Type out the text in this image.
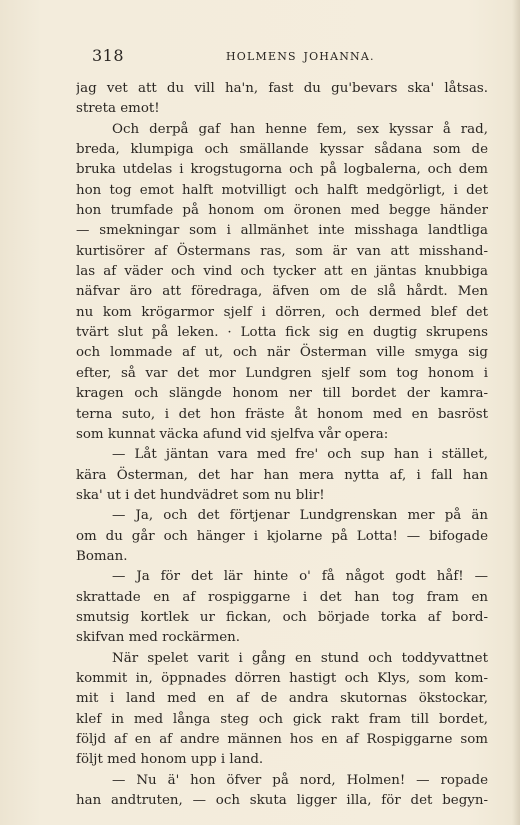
318	HOLMENS JOHANNA.
jag vet att du vill ha'n, fast du gu'bevars ska' låtsas.
streta emot!
Och derpå gaf han henne fem, sex kyssar å rad,
breda, klumpiga och smällande kyssar sådana som de
bruka utdelas i krogstugorna och på logbalerna, och dem
hon tog emot halft motvilligt och halft medgörligt, i det
hon trumfade på honom om öronen med begge händer
— smekningar som i allmänhet inte misshaga landtliga
kurtisörer af Östermans ras, som är van att misshand-
las af väder och vind och tycker att en jäntas knubbiga
näfvar äro att föredraga, äfven om de slå hårdt. Men
nu kom krögarmor sjelf i dörren, och dermed blef det
tvärt slut på leken. · Lotta fick sig en dugtig skrupens
och lommade af ut, och när Österman ville smyga sig
efter, så var det mor Lundgren sjelf som tog honom i
kragen och slängde honom ner till bordet der kamra-
terna suto, i det hon fräste åt honom med en basröst
som kunnat väcka afund vid sjelfva vår opera:
— Låt jäntan vara med fre' och sup han i stället,
kära Österman, det har han mera nytta af, i fall han
ska' ut i det hundvädret som nu blir!
— Ja, och det förtjenar Lundgrenskan mer på än
om du går och hänger i kjolarne på Lotta! — bifogade
Boman.
— Ja för det lär hinte o' få något godt håf! —
skrattade en af rospiggarne i det han tog fram en
smutsig kortlek ur fickan, och började torka af bord-
skifvan med rockärmen.
När spelet varit i gång en stund och toddyvattnet
kommit in, öppnades dörren hastigt och Klys, som kom-
mit i land med en af de andra skutornas ökstockar,
klef in med långa steg och gick rakt fram till bordet,
följd af en af andre männen hos en af Rospiggarne som
följt med honom upp i land.
— Nu ä' hon öfver på nord, Holmen! — ropade
han andtruten, — och skuta ligger illa, för det begyn-
